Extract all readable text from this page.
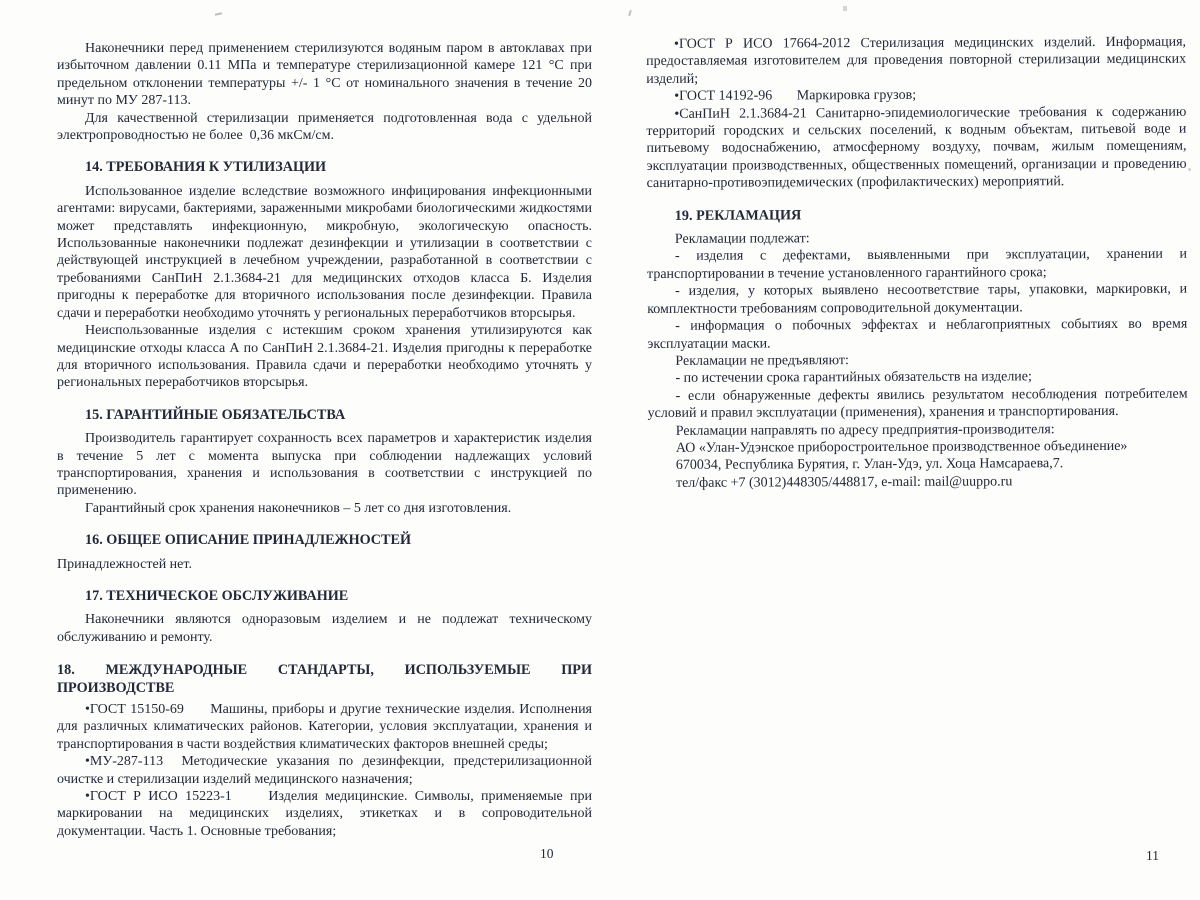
Наконечники перед применением стерилизуются водяным паром в автоклавах при избыточном давлении 0.11 МПа и температуре стерилизационной камере 121 °С при предельном отклонении температуры +/- 1 °С от номинального значения в течение 20 минут по МУ 287-113.

Для качественной стерилизации применяется подготовленная вода с удельной электропроводностью не более  0,36 мкСм/см.

14. ТРЕБОВАНИЯ К УТИЛИЗАЦИИ

Использованное изделие вследствие возможного инфицирования инфекционными агентами: вирусами, бактериями, зараженными микробами биологическими жидкостями может представлять инфекционную, микробную, экологическую опасность. Использованные наконечники подлежат дезинфекции и утилизации в соответствии с действующей инструкцией в лечебном учреждении, разработанной в соответствии с требованиями СанПиН 2.1.3684-21 для медицинских отходов класса Б. Изделия пригодны к переработке для вторичного использования после дезинфекции. Правила сдачи и переработки необходимо уточнять у региональных переработчиков вторсырья.

Неиспользованные изделия с истекшим сроком хранения утилизируются как медицинские отходы класса А по СанПиН 2.1.3684-21. Изделия пригодны к переработке для вторичного использования. Правила сдачи и переработки необходимо уточнять у региональных переработчиков вторсырья.

15. ГАРАНТИЙНЫЕ ОБЯЗАТЕЛЬСТВА

Производитель гарантирует сохранность всех параметров и характеристик изделия в течение 5 лет с момента выпуска при соблюдении надлежащих условий транспортирования, хранения и использования в соответствии с инструкцией по применению.

Гарантийный срок хранения наконечников – 5 лет со дня изготовления.

16. ОБЩЕЕ ОПИСАНИЕ ПРИНАДЛЕЖНОСТЕЙ

Принадлежностей нет.

17. ТЕХНИЧЕСКОЕ ОБСЛУЖИВАНИЕ

Наконечники являются одноразовым изделием и не подлежат техническому обслуживанию и ремонту.

18. МЕЖДУНАРОДНЫЕ СТАНДАРТЫ, ИСПОЛЬЗУЕМЫЕ ПРИ ПРОИЗВОДСТВЕ

•ГОСТ 15150-69      Машины, приборы и другие технические изделия. Исполнения для различных климатических районов. Категории, условия эксплуатации, хранения и транспортирования в части воздействия климатических факторов внешней среды;

•МУ-287-113  Методические указания по дезинфекции, предстерилизационной очистке и стерилизации изделий медицинского назначения;

•ГОСТ Р ИСО 15223-1     Изделия медицинские. Символы, применяемые при маркировании на медицинских изделиях, этикетках и в сопроводительной документации. Часть 1. Основные требования;

10

•ГОСТ Р ИСО 17664-2012 Стерилизация медицинских изделий. Информация, предоставляемая изготовителем для проведения повторной стерилизации медицинских изделий;

•ГОСТ 14192-96       Маркировка грузов;

•СанПиН 2.1.3684-21 Санитарно-эпидемиологические требования к содержанию территорий городских и сельских поселений, к водным объектам, питьевой воде и питьевому водоснабжению, атмосферному воздуху, почвам, жилым помещениям, эксплуатации производственных, общественных помещений, организации и проведению санитарно-противоэпидемических (профилактических) мероприятий.

19. РЕКЛАМАЦИЯ

Рекламации подлежат:

- изделия с дефектами, выявленными при эксплуатации, хранении и транспортировании в течение установленного гарантийного срока;

- изделия, у которых выявлено несоответствие тары, упаковки, маркировки, и комплектности требованиям сопроводительной документации.

- информация о побочных эффектах и неблагоприятных событиях во время эксплуатации маски.

Рекламации не предъявляют:

- по истечении срока гарантийных обязательств на изделие;

- если обнаруженные дефекты явились результатом несоблюдения потребителем условий и правил эксплуатации (применения), хранения и транспортирования.

Рекламации направлять по адресу предприятия-производителя:

АО «Улан-Удэнское приборостроительное производственное объединение»

670034, Республика Бурятия, г. Улан-Удэ, ул. Хоца Намсараева,7.

тел/факс +7 (3012)448305/448817, e-mail: mail@uuppo.ru

11
